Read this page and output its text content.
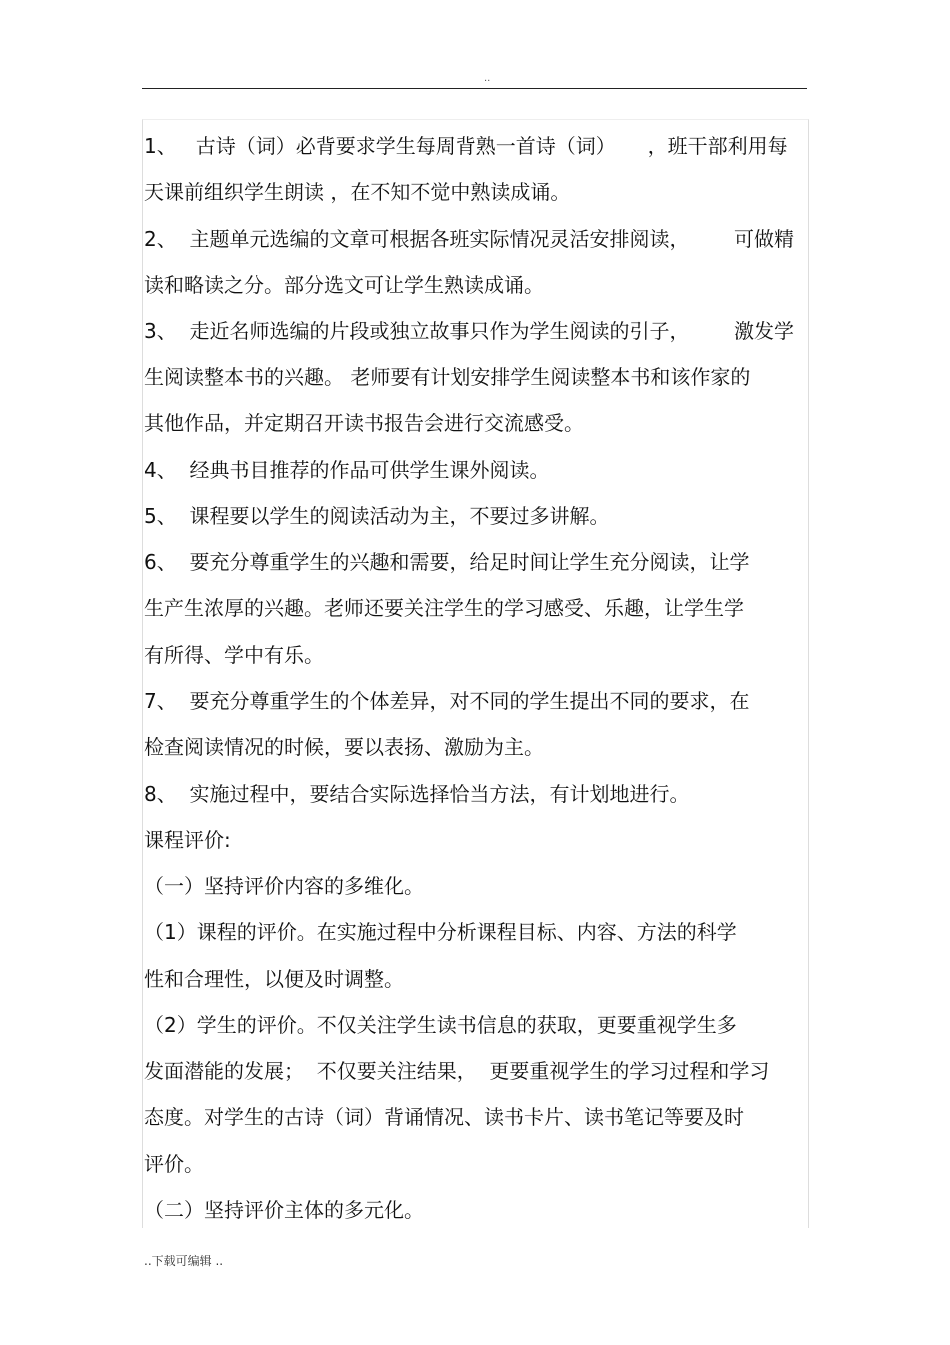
..
1、   古诗（词）必背要求学生每周背熟一首诗（词）     ，班干部利用每
天课前组织学生朗读 ，在不知不觉中熟读成诵。
2、  主题单元选编的文章可根据各班实际情况灵活安排阅读，       可做精
读和略读之分。部分选文可让学生熟读成诵。
3、  走近名师选编的片段或独立故事只作为学生阅读的引子，       激发学
生阅读整本书的兴趣。 老师要有计划安排学生阅读整本书和该作家的
其他作品，并定期召开读书报告会进行交流感受。
4、  经典书目推荐的作品可供学生课外阅读。
5、  课程要以学生的阅读活动为主，不要过多讲解。
6、  要充分尊重学生的兴趣和需要，给足时间让学生充分阅读，让学
生产生浓厚的兴趣。老师还要关注学生的学习感受、乐趣，让学生学
有所得、学中有乐。
7、  要充分尊重学生的个体差异，对不同的学生提出不同的要求，在
检查阅读情况的时候，要以表扬、激励为主。
8、  实施过程中，要结合实际选择恰当方法，有计划地进行。
课程评价:
（一）坚持评价内容的多维化。
（1）课程的评价。在实施过程中分析课程目标、内容、方法的科学
性和合理性，以便及时调整。
（2）学生的评价。不仅关注学生读书信息的获取，更要重视学生多
发面潜能的发展；  不仅要关注结果，  更要重视学生的学习过程和学习
态度。对学生的古诗（词）背诵情况、读书卡片、读书笔记等要及时
评价。
（二）坚持评价主体的多元化。
..下载可编辑 ..
